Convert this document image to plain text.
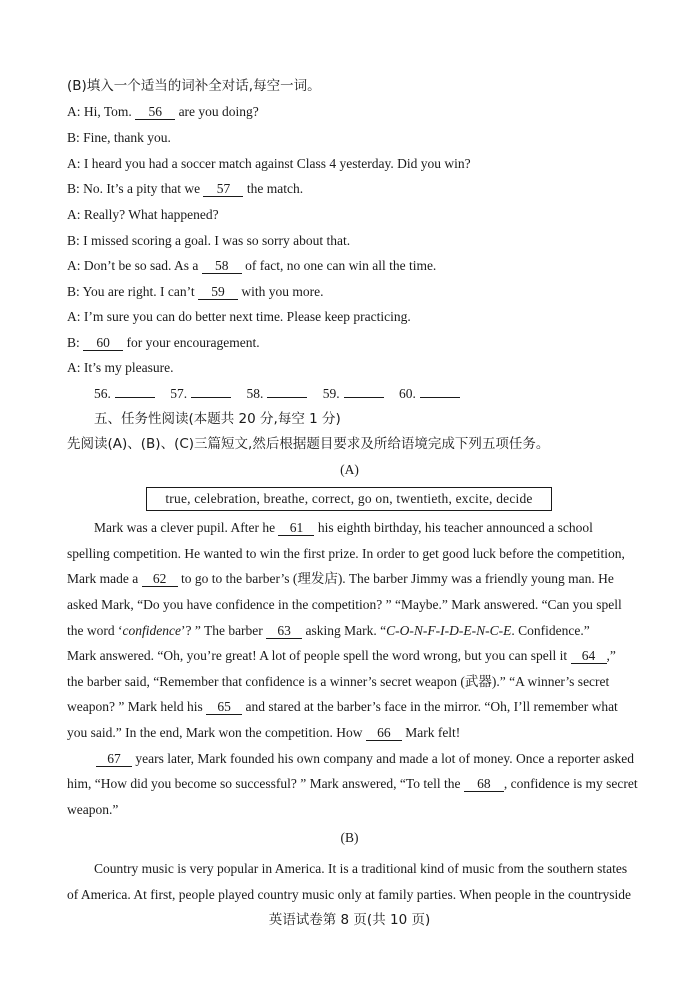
(B)填入一个适当的词补全对话,每空一词。
A: Hi, Tom. 56 are you doing?
B: Fine, thank you.
A: I heard you had a soccer match against Class 4 yesterday. Did you win?
B: No. It’s a pity that we 57 the match.
A: Really? What happened?
B: I missed scoring a goal. I was so sorry about that.
A: Don’t be so sad. As a 58 of fact, no one can win all the time.
B: You are right. I can’t 59 with you more.
A: I’m sure you can do better next time. Please keep practicing.
B: 60 for your encouragement.
A: It’s my pleasure.
56.	57.	58.	59.	60.
五、任务性阅读(本题共 20 分,每空 1 分)
先阅读(A)、(B)、(C)三篇短文,然后根据题目要求及所给语境完成下列五项任务。
(A)
true, celebration, breathe, correct, go on, twentieth, excite, decide
Mark was a clever pupil. After he 61 his eighth birthday, his teacher announced a school
spelling competition. He wanted to win the first prize. In order to get good luck before the competition,
Mark made a 62 to go to the barber’s (理发店). The barber Jimmy was a friendly young man. He
asked Mark, “Do you have confidence in the competition? ” “Maybe.” Mark answered. “Can you spell
the word ‘confidence’? ” The barber 63 asking Mark. “C-O-N-F-I-D-E-N-C-E. Confidence.”
Mark answered. “Oh, you’re great! A lot of people spell the word wrong, but you can spell it 64 ,”
the barber said, “Remember that confidence is a winner’s secret weapon (武器).” “A winner’s secret
weapon? ” Mark held his 65 and stared at the barber’s face in the mirror. “Oh, I’ll remember what
you said.” In the end, Mark won the competition. How 66 Mark felt!
67 years later, Mark founded his own company and made a lot of money. Once a reporter asked
him, “How did you become so successful? ” Mark answered, “To tell the 68 , confidence is my secret
weapon.”
(B)
Country music is very popular in America. It is a traditional kind of music from the southern states
of America. At first, people played country music only at family parties. When people in the countryside
英语试卷第 8 页(共 10 页)
